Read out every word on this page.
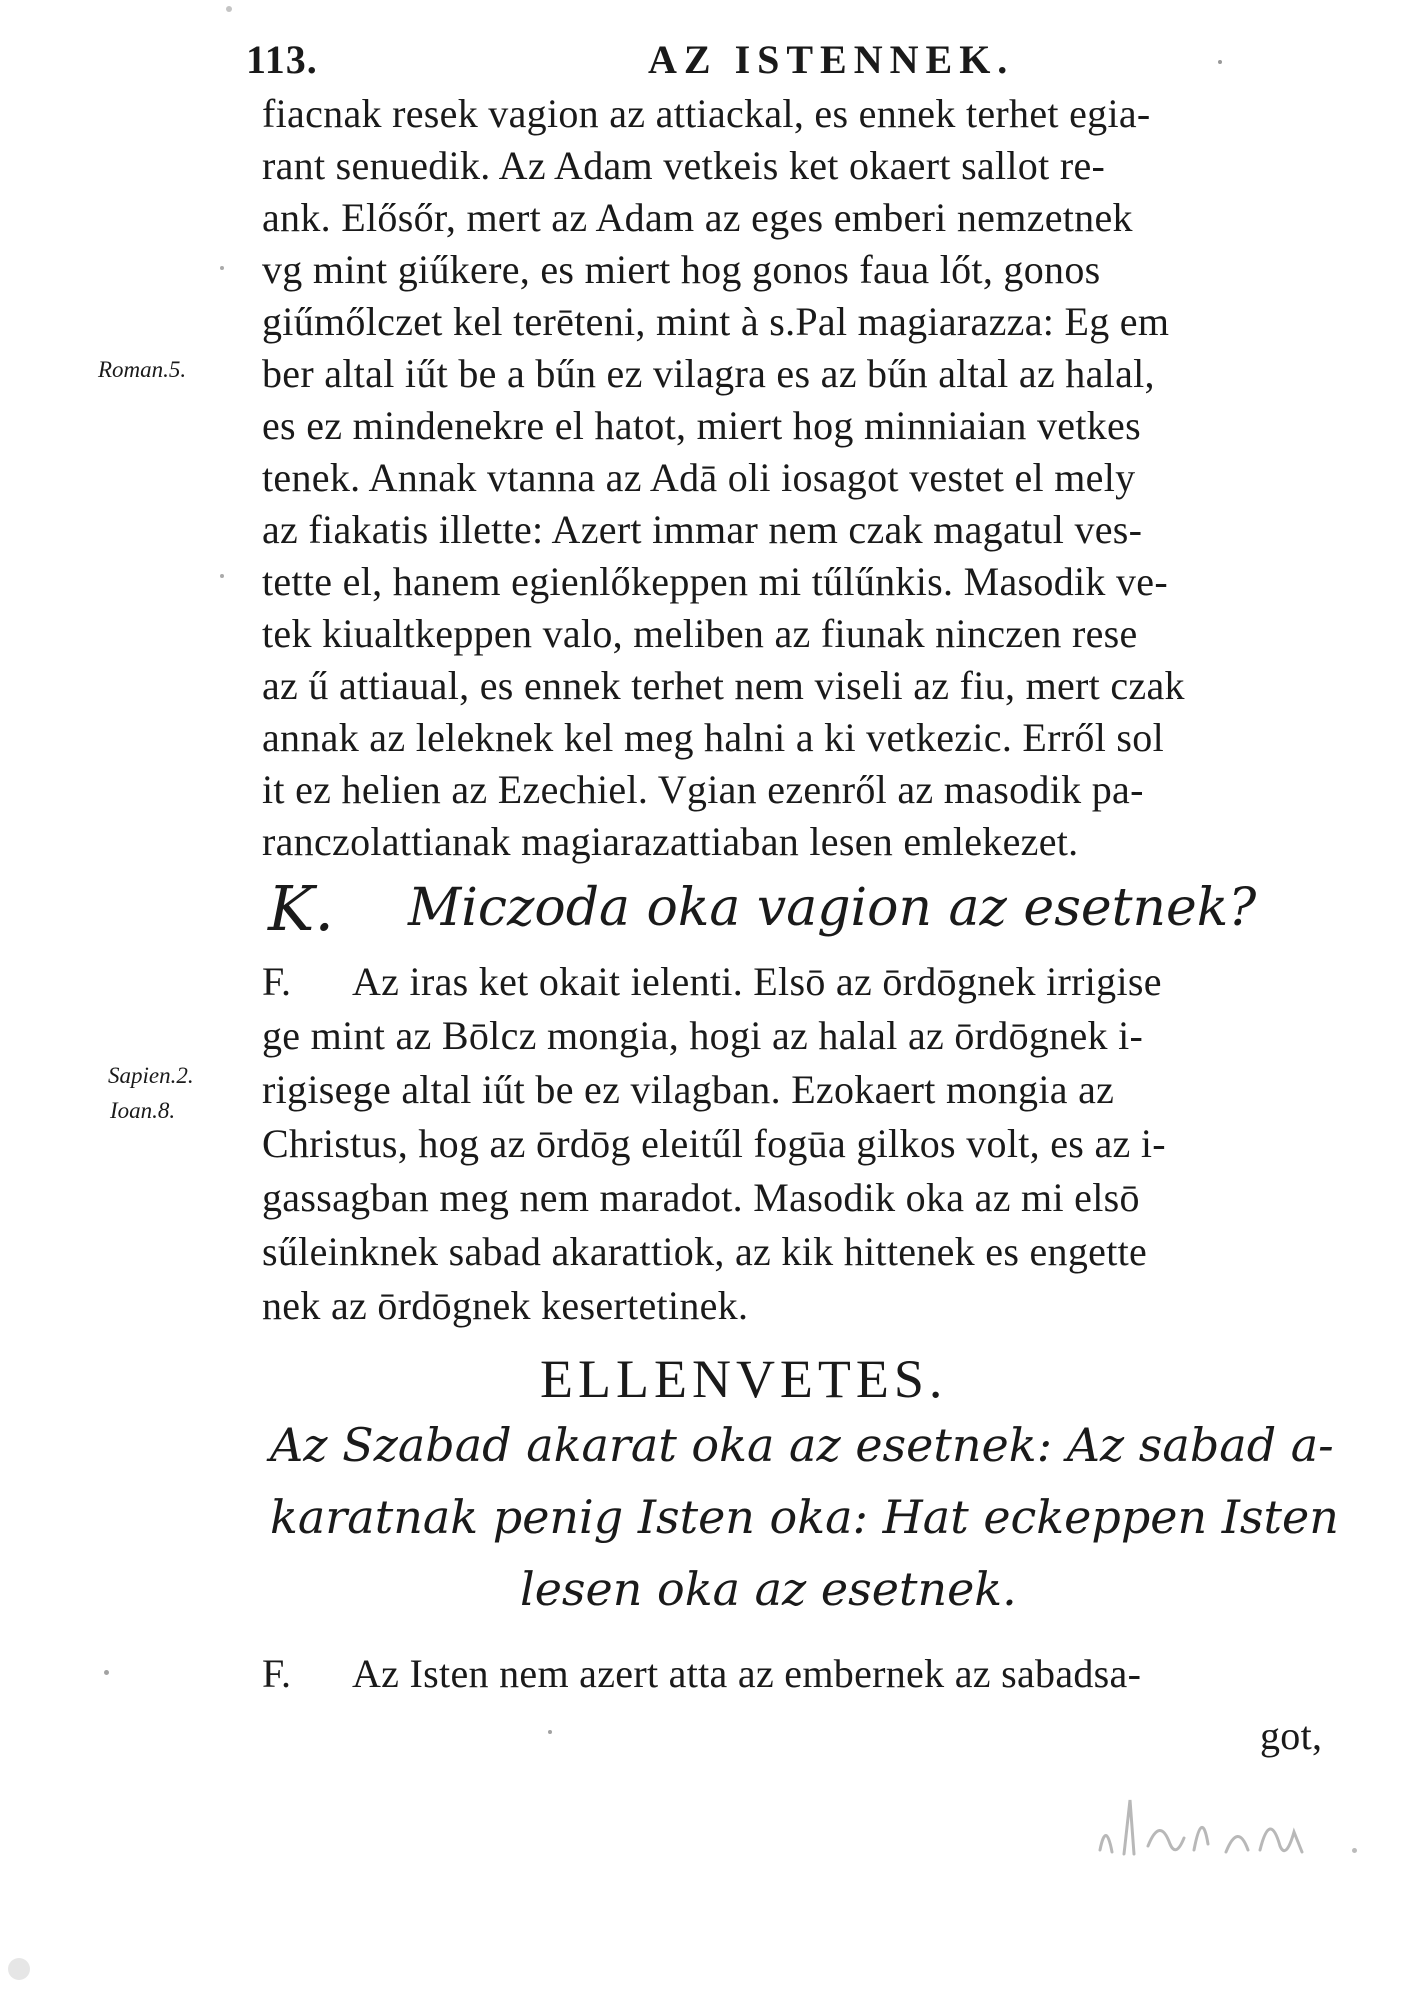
113.	AZ ISTENNEK.
Roman.5.
Sapien.2.
Ioan.8.
fiacnak resek vagion az attiackal, es ennek terhet egia-
rant senuedik. Az Adam vetkeis ket okaert sallot re-
ank. Elősőr, mert az Adam az eges emberi nemzetnek
vg mint giűkere, es miert hog gonos faua lőt, gonos
giűmőlczet kel terēteni, mint à s.Pal magiarazza: Eg em
ber altal iűt be a bűn ez vilagra es az bűn altal az halal,
es ez mindenekre el hatot, miert hog minniaian vetkes
tenek. Annak vtanna az Adā oli iosagot vestet el mely
az fiakatis illette: Azert immar nem czak magatul ves-
tette el, hanem egienlőkeppen mi tűlűnkis. Masodik ve-
tek kiualtkeppen valo, meliben az fiunak ninczen rese
az ű attiaual, es ennek terhet nem viseli az fiu, mert czak
annak az leleknek kel meg halni a ki vetkezic. Erről sol
it ez helien az Ezechiel. Vgian ezenről az masodik pa-
ranczolattianak magiarazattiaban lesen emlekezet.
K. Miczoda oka vagion az esetnek?
F. Az iras ket okait ielenti. Elsō az ōrdōgnek irrigise
ge mint az Bōlcz mongia, hogi az halal az ōrdōgnek i-
rigisege altal iűt be ez vilagban. Ezokaert mongia az
Christus, hog az ōrdōg eleitűl fogūa gilkos volt, es az i-
gassagban meg nem maradot. Masodik oka az mi elsō
sűleinknek sabad akarattiok, az kik hittenek es engette
nek az ōrdōgnek kesertetinek.
ELLENVETES.
Az Szabad akarat oka az esetnek: Az sabad a-
karatnak penig Isten oka: Hat eckeppen Isten
lesen oka az esetnek.
F. Az Isten nem azert atta az embernek az sabadsa-
got,
